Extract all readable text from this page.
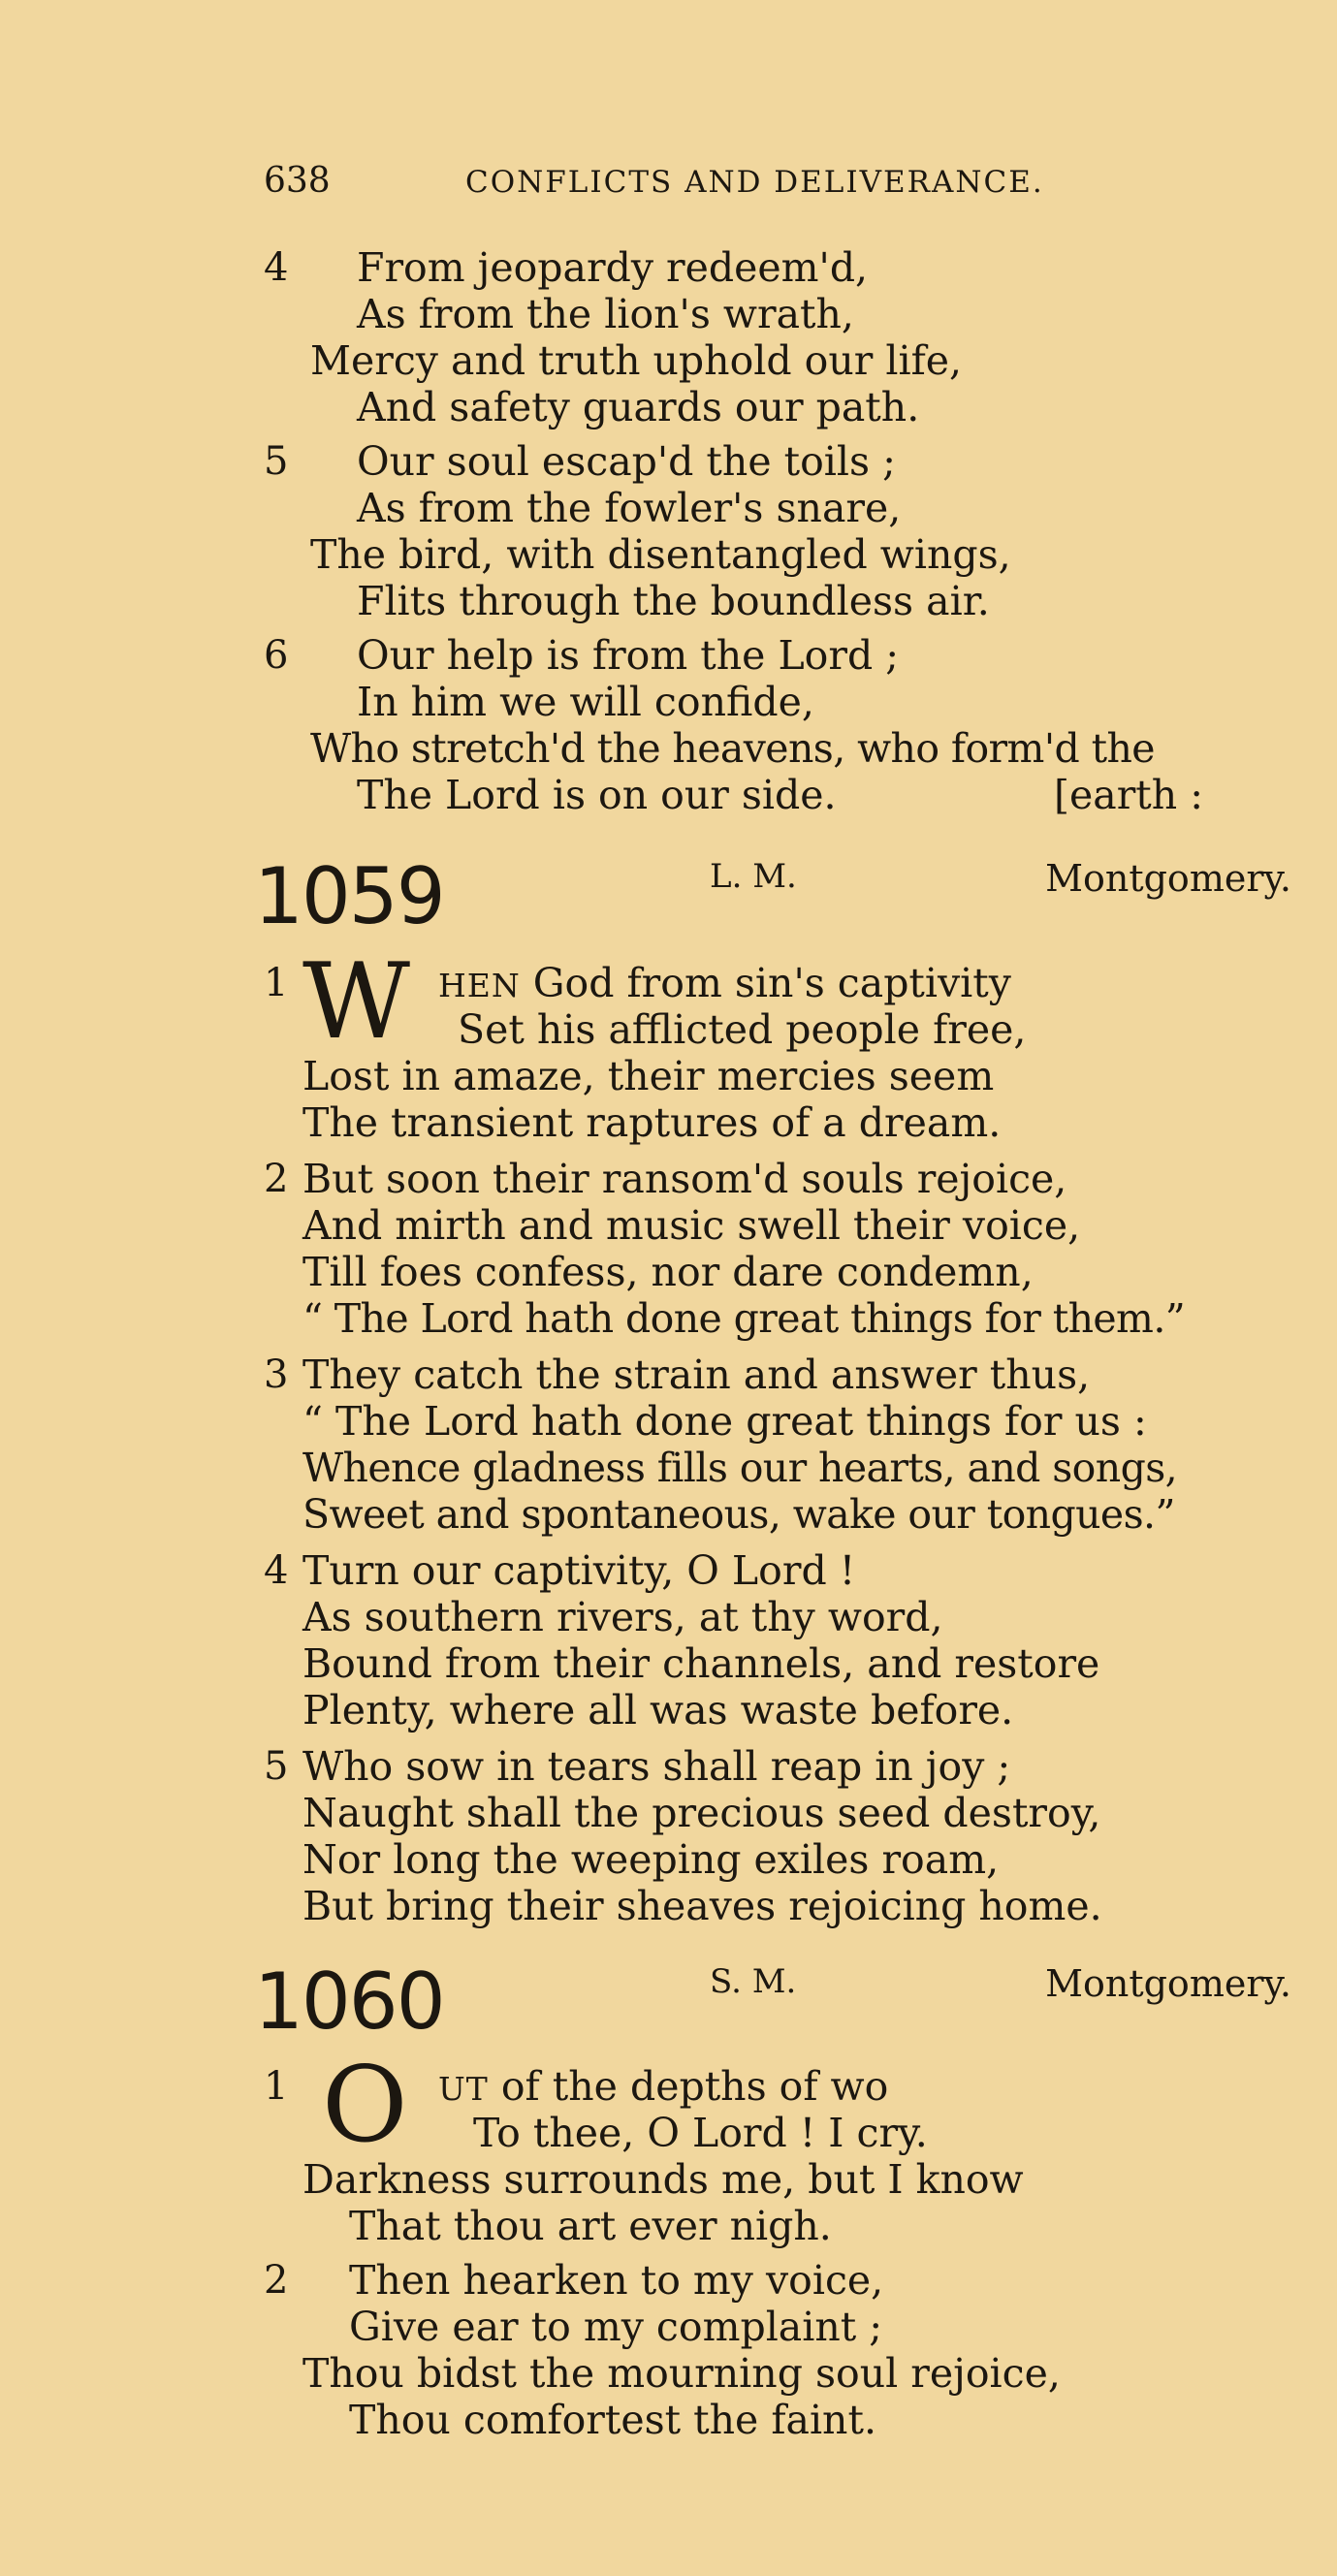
638	CONFLICTS AND DELIVERANCE.
4 From jeopardy redeem'd,
As from the lion's wrath,
Mercy and truth uphold our life,
And safety guards our path.
5 Our soul escap'd the toils ;
As from the fowler's snare,
The bird, with disentangled wings,
Flits through the boundless air.
6 Our help is from the Lord ;
In him we will confide,
Who stretch'd the heavens, who form'd the
The Lord is on our side.	[earth :
1059	L. M.	Montgomery.
1 W HEN God from sin's captivity
Set his afflicted people free,
Lost in amaze, their mercies seem
The transient raptures of a dream.
2 But soon their ransom'd souls rejoice,
And mirth and music swell their voice,
Till foes confess, nor dare condemn,
“ The Lord hath done great things for them.”
3 They catch the strain and answer thus,
“ The Lord hath done great things for us :
Whence gladness fills our hearts, and songs,
Sweet and spontaneous, wake our tongues.”
4 Turn our captivity, O Lord !
As southern rivers, at thy word,
Bound from their channels, and restore
Plenty, where all was waste before.
5 Who sow in tears shall reap in joy ;
Naught shall the precious seed destroy,
Nor long the weeping exiles roam,
But bring their sheaves rejoicing home.
1060	S. M.	Montgomery.
1 O UT of the depths of wo
To thee, O Lord ! I cry.
Darkness surrounds me, but I know
That thou art ever nigh.
2 Then hearken to my voice,
Give ear to my complaint ;
Thou bidst the mourning soul rejoice,
Thou comfortest the faint.
